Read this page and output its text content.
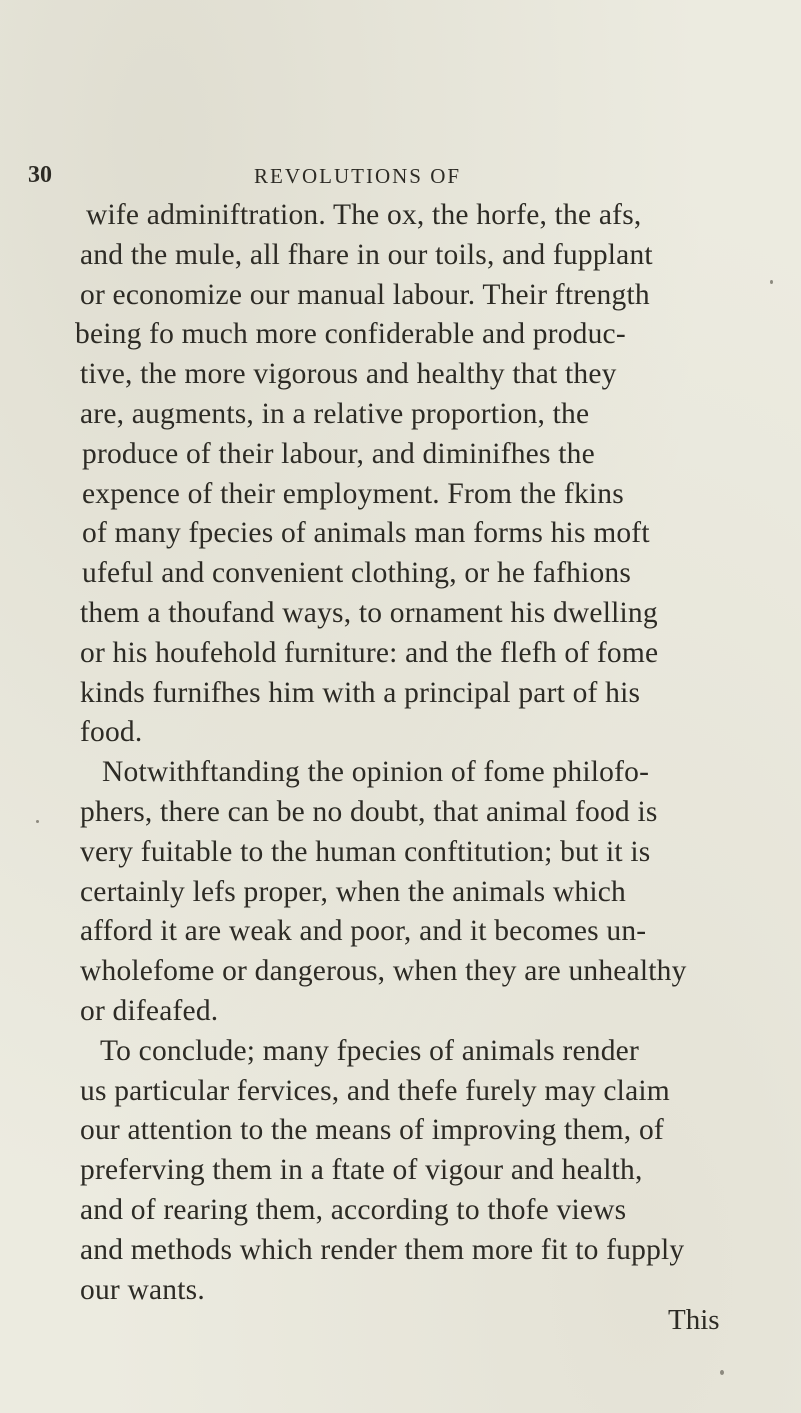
30	REVOLUTIONS OF
wife adminiftration. The ox, the horfe, the afs,
and the mule, all fhare in our toils, and fupplant
or economize our manual labour. Their ftrength
being fo much more confiderable and produc-
tive, the more vigorous and healthy that they
are, augments, in a relative proportion, the
produce of their labour, and diminifhes the
expence of their employment. From the fkins
of many fpecies of animals man forms his moft
ufeful and convenient clothing, or he fafhions
them a thoufand ways, to ornament his dwelling
or his houfehold furniture: and the flefh of fome
kinds furnifhes him with a principal part of his
food.
Notwithftanding the opinion of fome philofo-
phers, there can be no doubt, that animal food is
very fuitable to the human conftitution; but it is
certainly lefs proper, when the animals which
afford it are weak and poor, and it becomes un-
wholefome or dangerous, when they are unhealthy
or difeafed.
To conclude; many fpecies of animals render
us particular fervices, and thefe furely may claim
our attention to the means of improving them, of
preferving them in a ftate of vigour and health,
and of rearing them, according to thofe views
and methods which render them more fit to fupply
our wants.
This
